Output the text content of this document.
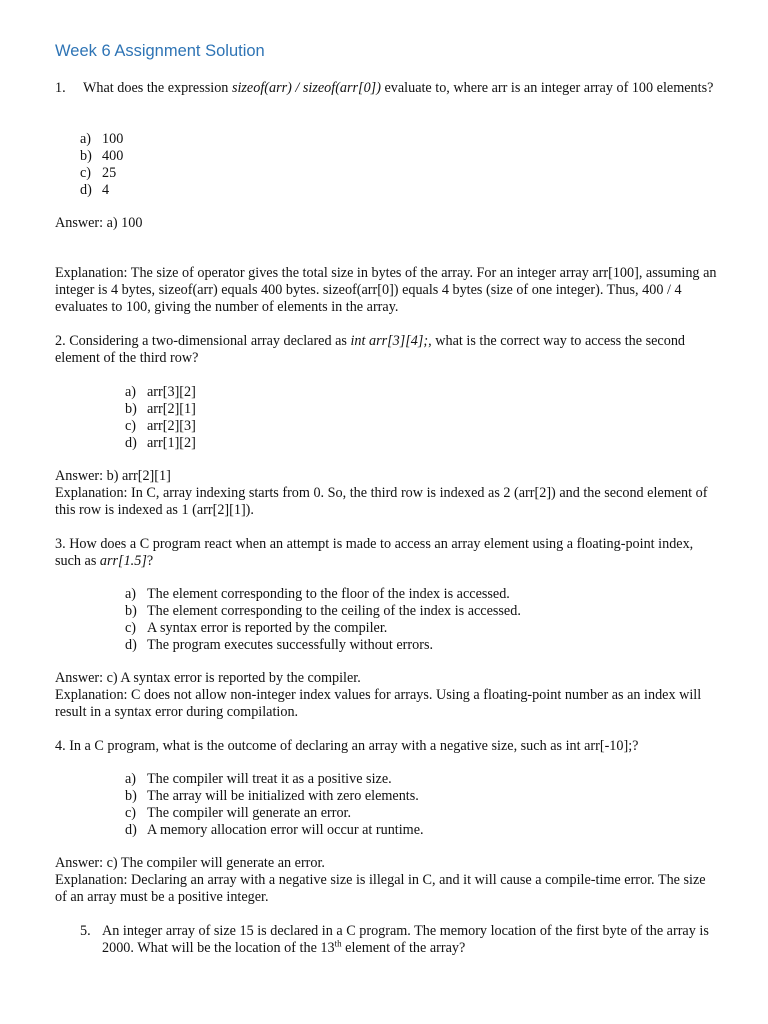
Week 6 Assignment Solution

1. What does the expression sizeof(arr) / sizeof(arr[0]) evaluate to, where arr is an integer array of 100 elements?

a) 100
b) 400
c) 25
d) 4

Answer: a) 100

Explanation: The size of operator gives the total size in bytes of the array. For an integer array arr[100], assuming an integer is 4 bytes, sizeof(arr) equals 400 bytes. sizeof(arr[0]) equals 4 bytes (size of one integer). Thus, 400 / 4 evaluates to 100, giving the number of elements in the array.

2. Considering a two-dimensional array declared as int arr[3][4];, what is the correct way to access the second element of the third row?

a) arr[3][2]
b) arr[2][1]
c) arr[2][3]
d) arr[1][2]

Answer: b) arr[2][1]

Explanation: In C, array indexing starts from 0. So, the third row is indexed as 2 (arr[2]) and the second element of this row is indexed as 1 (arr[2][1]).

3. How does a C program react when an attempt is made to access an array element using a floating-point index, such as arr[1.5]?

a) The element corresponding to the floor of the index is accessed.
b) The element corresponding to the ceiling of the index is accessed.
c) A syntax error is reported by the compiler.
d) The program executes successfully without errors.

Answer: c) A syntax error is reported by the compiler.

Explanation: C does not allow non-integer index values for arrays. Using a floating-point number as an index will result in a syntax error during compilation.

4. In a C program, what is the outcome of declaring an array with a negative size, such as int arr[-10];?

a) The compiler will treat it as a positive size.
b) The array will be initialized with zero elements.
c) The compiler will generate an error.
d) A memory allocation error will occur at runtime.

Answer: c) The compiler will generate an error.

Explanation: Declaring an array with a negative size is illegal in C, and it will cause a compile-time error. The size of an array must be a positive integer.

5. An integer array of size 15 is declared in a C program. The memory location of the first byte of the array is 2000. What will be the location of the 13th element of the array?
